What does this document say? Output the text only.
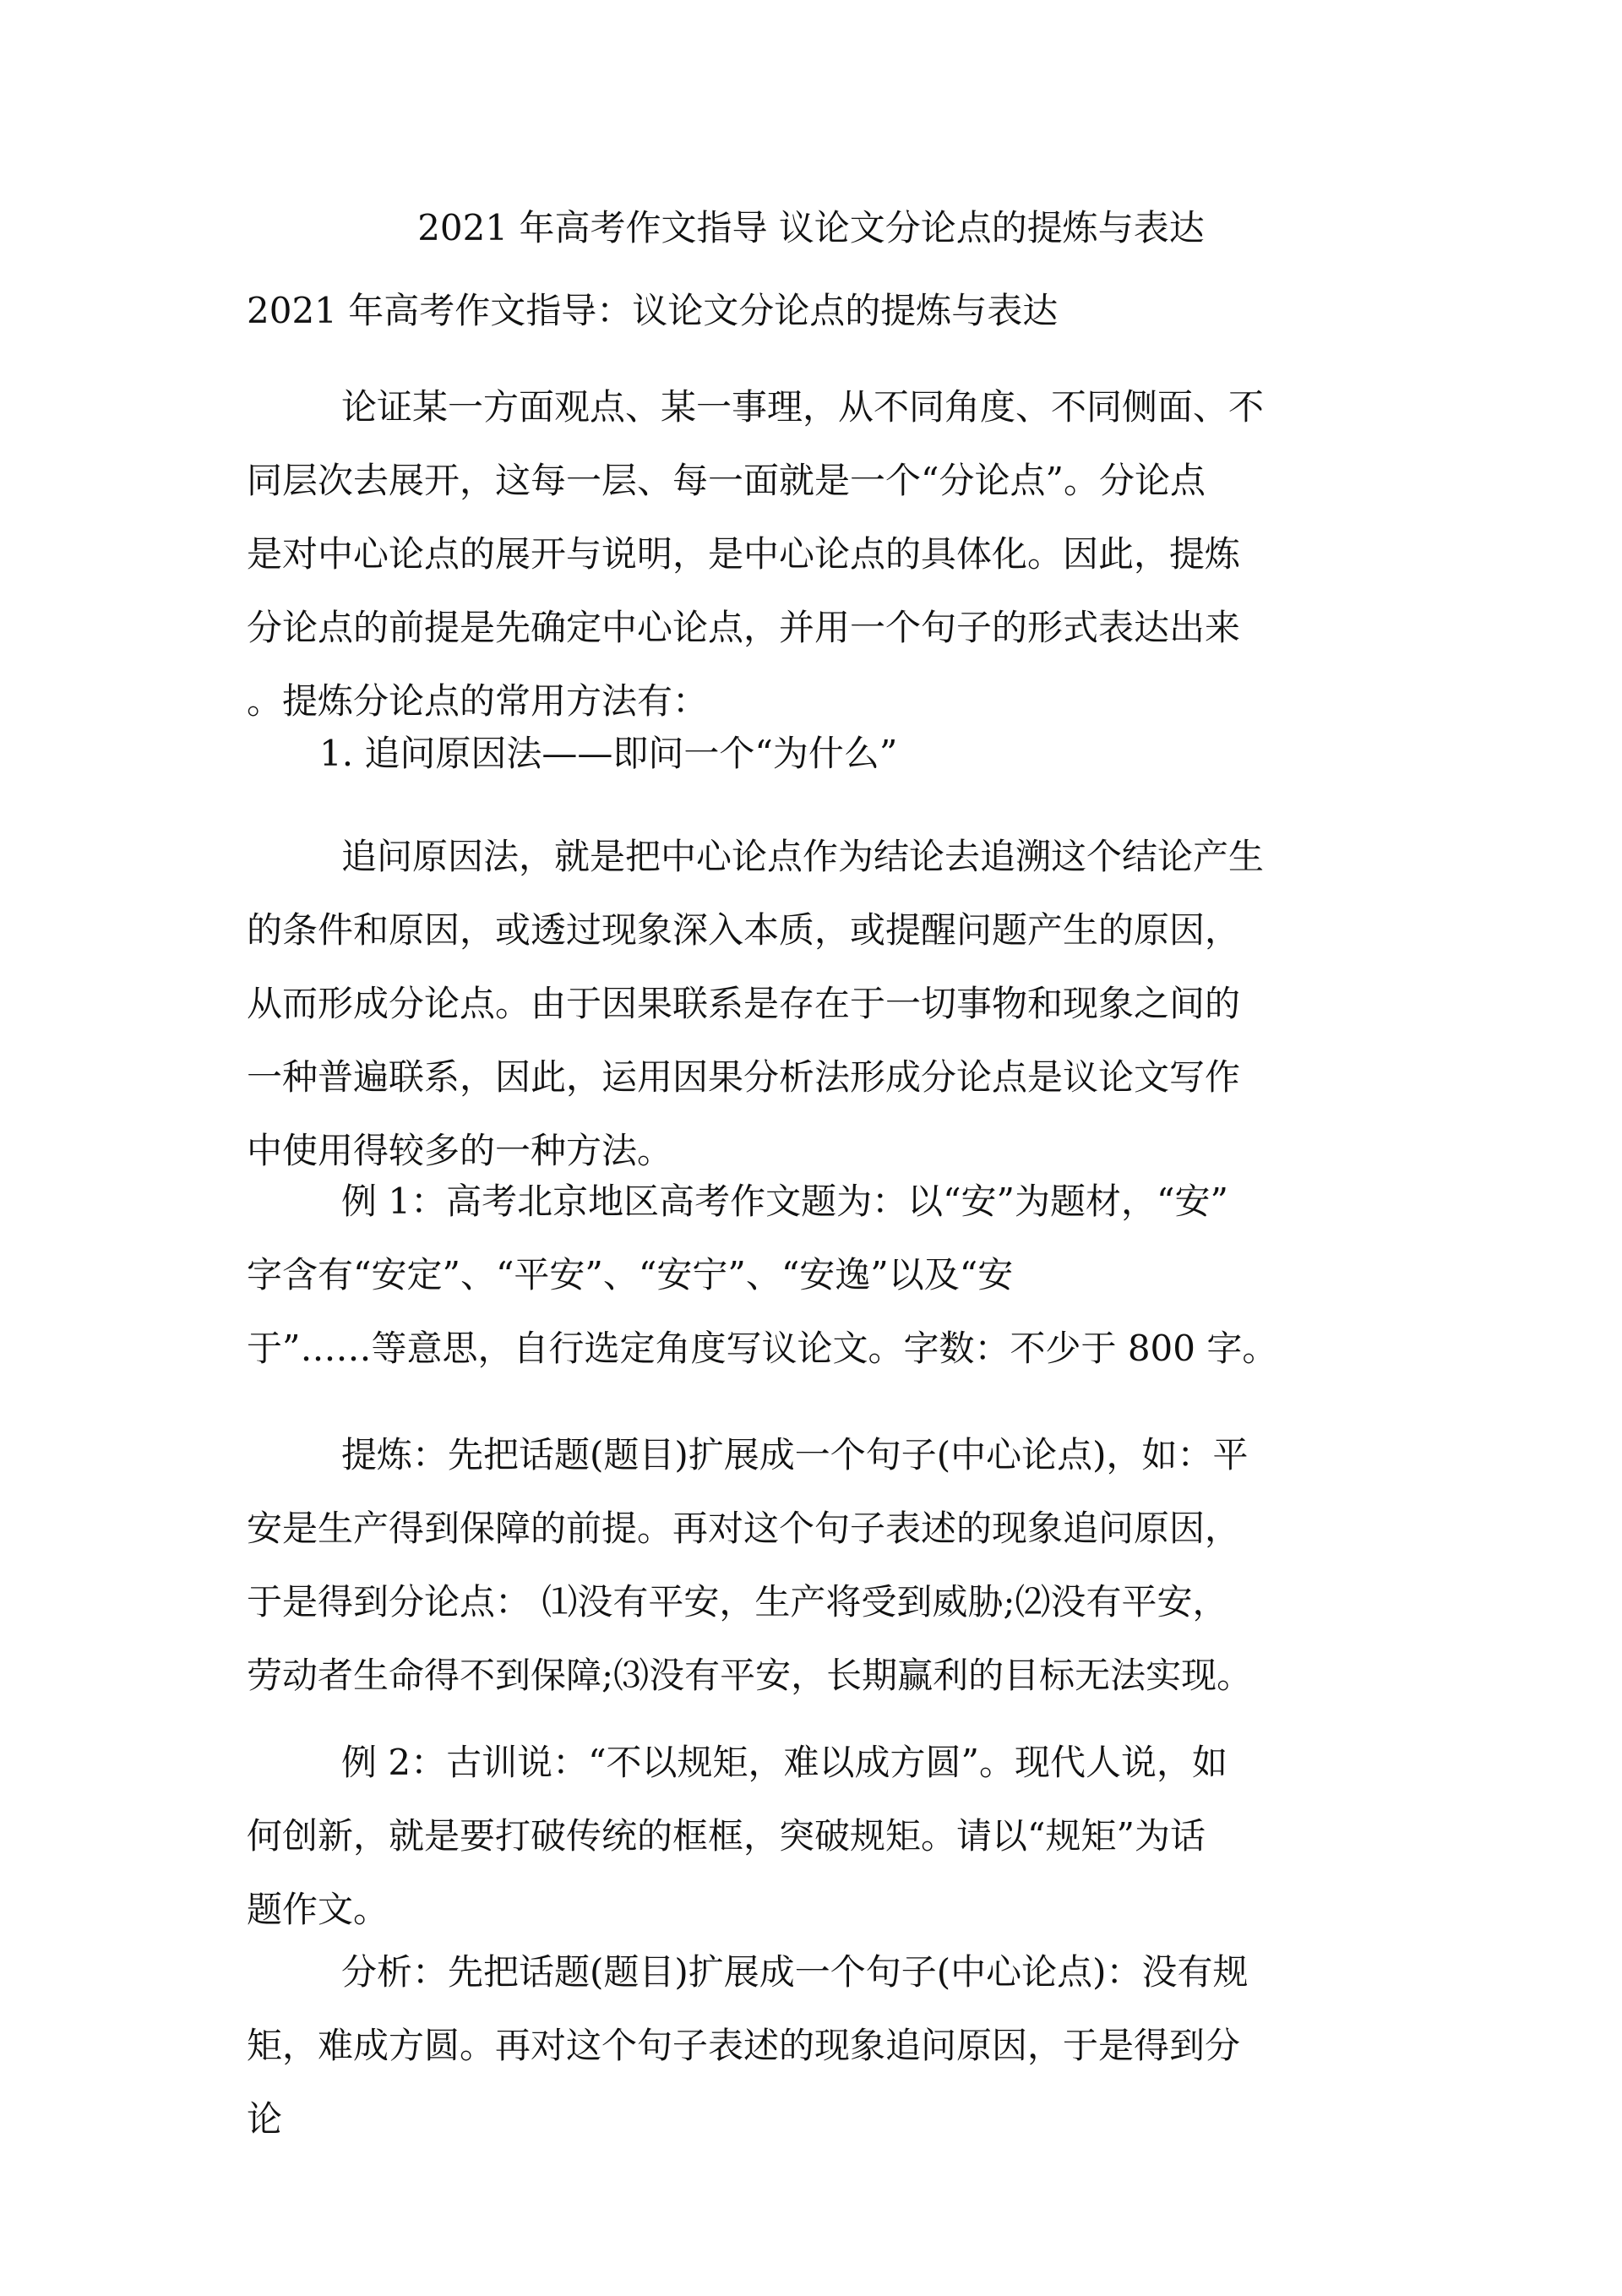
2021 年高考作文指导 议论文分论点的提炼与表达
2021 年高考作文指导：议论文分论点的提炼与表达

论证某一方面观点、某一事理，从不同角度、不同侧面、不
同层次去展开，这每一层、每一面就是一个“分论点”。分论点
是对中心论点的展开与说明，是中心论点的具体化。因此，提炼
分论点的前提是先确定中心论点，并用一个句子的形式表达出来
。提炼分论点的常用方法有：

1. 追问原因法——即问一个“为什么”

追问原因法，就是把中心论点作为结论去追溯这个结论产生
的条件和原因，或透过现象深入本质，或提醒问题产生的原因，
从而形成分论点。由于因果联系是存在于一切事物和现象之间的
一种普遍联系，因此，运用因果分析法形成分论点是议论文写作
中使用得较多的一种方法。

例 1：高考北京地区高考作文题为：以“安”为题材，“安”
字含有“安定”、“平安”、“安宁”、“安逸”以及“安
于”……等意思，自行选定角度写议论文。字数：不少于 800 字。

提炼：先把话题(题目)扩展成一个句子(中心论点)，如：平
安是生产得到保障的前提。再对这个句子表述的现象追问原因，
于是得到分论点： ⑴没有平安，生产将受到威胁;⑵没有平安，
劳动者生命得不到保障;⑶没有平安，长期赢利的目标无法实现。

例 2：古训说：“不以规矩，难以成方圆”。现代人说，如
何创新，就是要打破传统的框框，突破规矩。请以“规矩”为话
题作文。

分析：先把话题(题目)扩展成一个句子(中心论点)：没有规
矩，难成方圆。再对这个句子表述的现象追问原因，于是得到分
论
